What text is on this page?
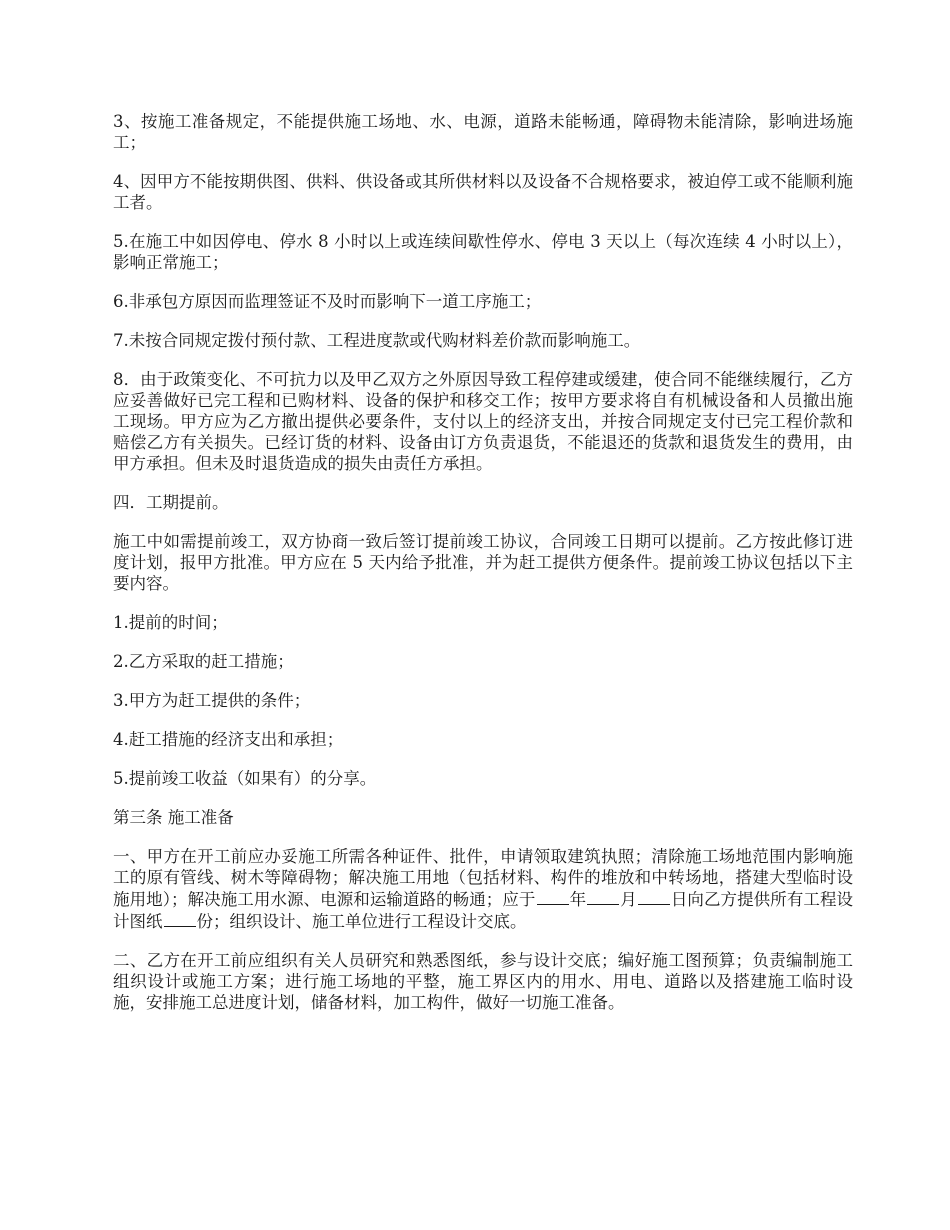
3、按施工准备规定，不能提供施工场地、水、电源，道路未能畅通，障碍物未能清除，影响进场施工；

4、因甲方不能按期供图、供料、供设备或其所供材料以及设备不合规格要求，被迫停工或不能顺利施工者。

5.在施工中如因停电、停水 8 小时以上或连续间歇性停水、停电 3 天以上（每次连续 4 小时以上），影响正常施工；

6.非承包方原因而监理签证不及时而影响下一道工序施工；

7.未按合同规定拨付预付款、工程进度款或代购材料差价款而影响施工。

8．由于政策变化、不可抗力以及甲乙双方之外原因导致工程停建或缓建，使合同不能继续履行，乙方应妥善做好已完工程和已购材料、设备的保护和移交工作；按甲方要求将自有机械设备和人员撤出施工现场。甲方应为乙方撤出提供必要条件，支付以上的经济支出，并按合同规定支付已完工程价款和赔偿乙方有关损失。已经订货的材料、设备由订方负责退货，不能退还的货款和退货发生的费用，由甲方承担。但未及时退货造成的损失由责任方承担。

四．工期提前。

施工中如需提前竣工，双方协商一致后签订提前竣工协议，合同竣工日期可以提前。乙方按此修订进度计划，报甲方批准。甲方应在 5 天内给予批准，并为赶工提供方便条件。提前竣工协议包括以下主要内容。

1.提前的时间；

2.乙方采取的赶工措施；

3.甲方为赶工提供的条件；

4.赶工措施的经济支出和承担；

5.提前竣工收益（如果有）的分享。

第三条 施工准备

一、甲方在开工前应办妥施工所需各种证件、批件，申请领取建筑执照；清除施工场地范围内影响施工的原有管线、树木等障碍物；解决施工用地（包括材料、构件的堆放和中转场地，搭建大型临时设施用地）；解决施工用水源、电源和运输道路的畅通；应于 年 月 日向乙方提供所有工程设计图纸 份；组织设计、施工单位进行工程设计交底。

二、乙方在开工前应组织有关人员研究和熟悉图纸，参与设计交底；编好施工图预算；负责编制施工组织设计或施工方案；进行施工场地的平整，施工界区内的用水、用电、道路以及搭建施工临时设施，安排施工总进度计划，储备材料，加工构件，做好一切施工准备。
